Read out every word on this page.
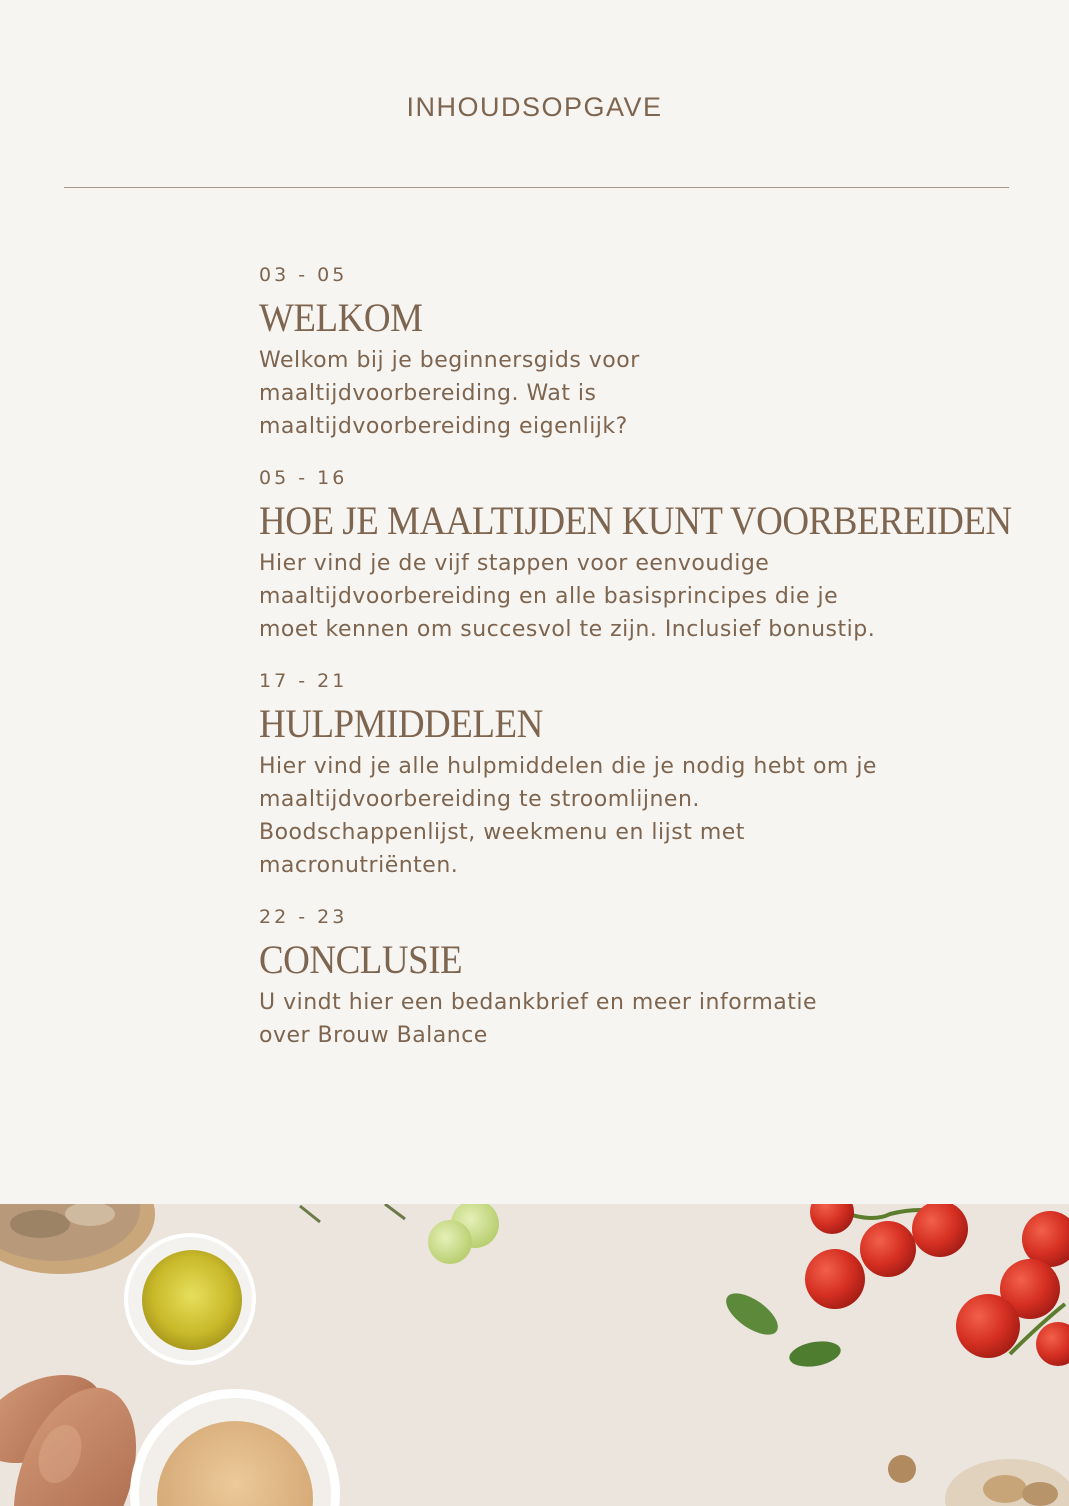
INHOUDSOPGAVE
03 - 05
WELKOM
Welkom bij je beginnersgids voor maaltijdvoorbereiding. Wat is maaltijdvoorbereiding eigenlijk?
05 - 16
HOE JE MAALTIJDEN KUNT VOORBEREIDEN
Hier vind je de vijf stappen voor eenvoudige maaltijdvoorbereiding en alle basisprincipes die je moet kennen om succesvol te zijn. Inclusief bonustip.
17 - 21
HULPMIDDELEN
Hier vind je alle hulpmiddelen die je nodig hebt om je maaltijdvoorbereiding te stroomlijnen. Boodschappenlijst, weekmenu en lijst met macronutriënten.
22 - 23
CONCLUSIE
U vindt hier een bedankbrief en meer informatie over Brouw Balance
